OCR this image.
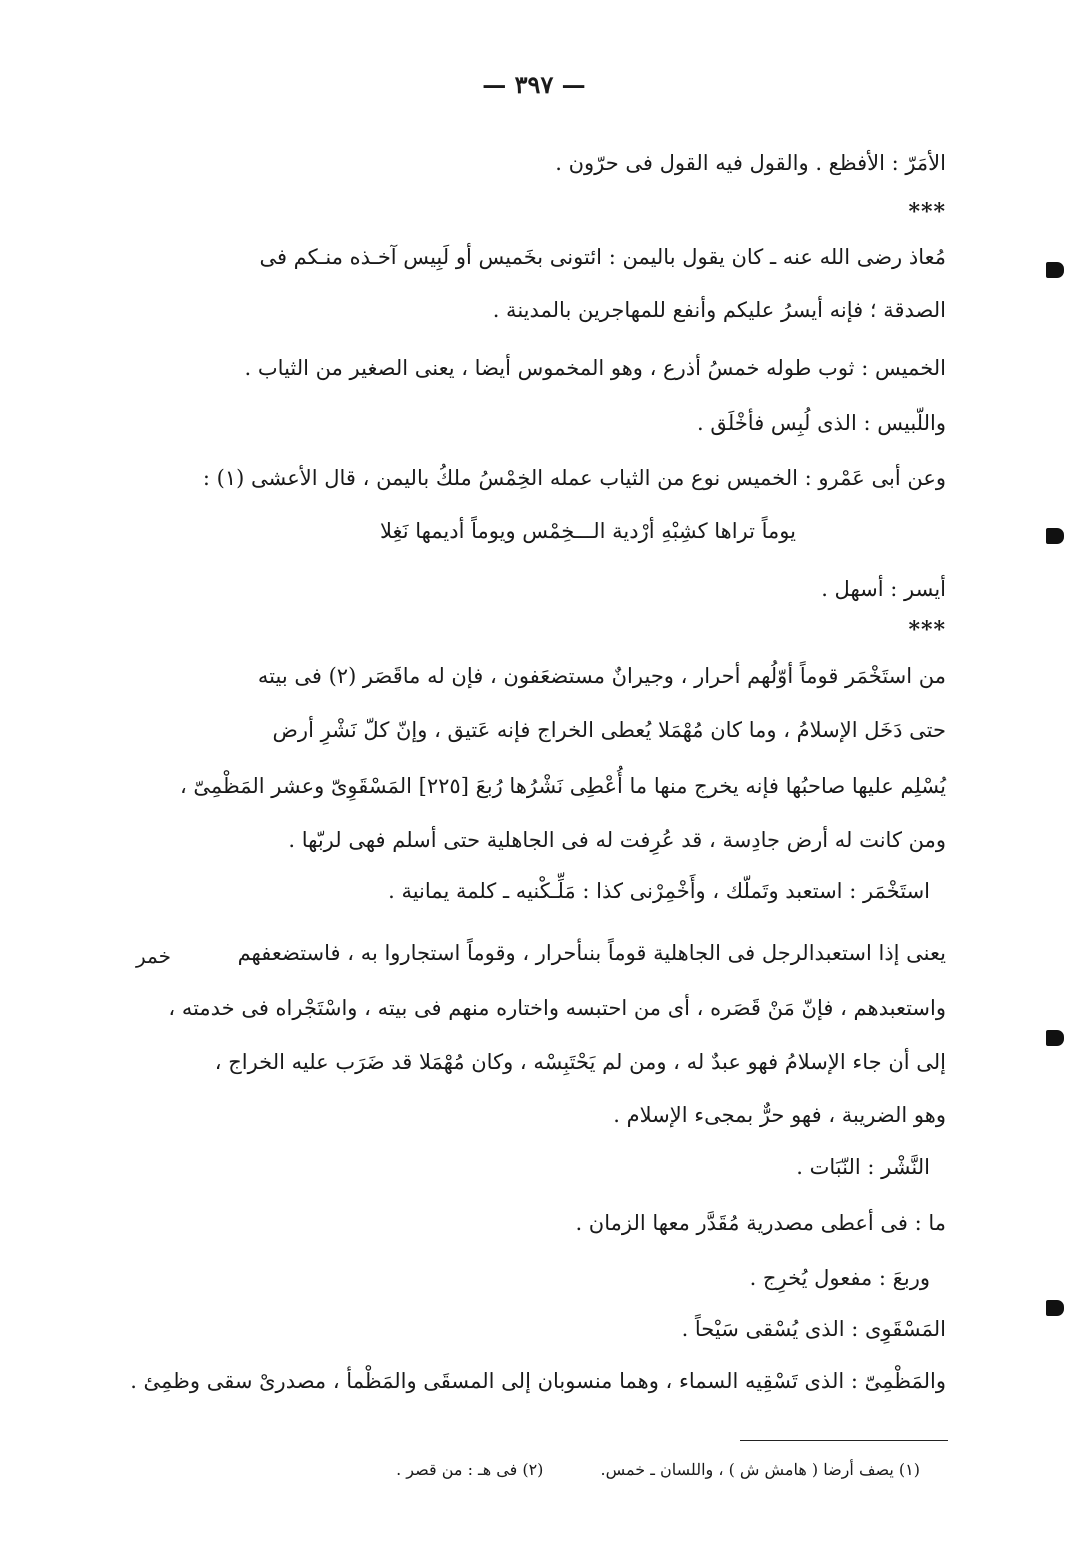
— ٣٩٧ —
الأمَرّ : الأفظع . والقول فيه القول فى حرّون .
***
مُعاذ رضى الله عنه ـ كان يقول باليمن : ائتونى بخَميس أو لَبِيس آخـذه منـكم فى
الصدقة ؛ فإنه أيسرُ عليكم وأنفع للمهاجرين بالمدينة .
الخميس : ثوب طوله خمسُ أذرع ، وهو المخموس أيضا ، يعنى الصغير من الثياب .
واللّبيس : الذى لُبِس فأخْلَق .
وعن أبى عَمْرو : الخميس نوع من الثياب عمله الخِمْسُ ملكُ باليمن ، قال الأعشى (١) :
يوماً تراها كشِبْهِ أرْدية الـــخِمْس ويوماً أديمها نَغِلا
أيسر : أسهل .
***
من استَخْمَر قوماً أوّلُهم أحرار ، وجيرانٌ مستضعَفون ، فإن له ماقَصَر (٢) فى بيته
حتى دَخَل الإسلامُ ، وما كان مُهْمَلا يُعطى الخراج فإنه عَتيق ، وإنّ كلّ نَشْرِ أرض
يُسْلِم عليها صاحبُها فإنه يخرج منها ما أُعْطِى نَشْرُها رُبعَ [٢٢٥] المَسْقَوِىّ وعشر المَظْمِىّ ،
ومن كانت له أرض جادِسة ، قد عُرِفت له فى الجاهلية حتى أسلم فهى لربّها .
استَخْمَر : استعبد وتَملّك ، وأَخْمِرْنى كذا : مَلِّـكْنيه ـ كلمة يمانية .
يعنى إذا استعبدالرجل فى الجاهلية قوماً بنىأحرار ، وقوماً استجاروا به ، فاستضعفهم
واستعبدهم ، فإنّ مَنْ قَصَره ، أى من احتبسه واختاره منهم فى بيته ، واسْتَجْراه فى خدمته ،
إلى أن جاء الإسلامُ فهو عبدٌ له ، ومن لم يَحْتَبِسْه ، وكان مُهْمَلا قد ضَرَب عليه الخراج ،
وهو الضريبة ، فهو حرٌّ بمجىء الإسلام .
النَّشْر : النّبَات .
ما : فى أعطى مصدرية مُقَدَّر معها الزمان .
وربعَ : مفعول يُخرِج .
المَسْقَوِى : الذى يُسْقى سَيْحاً .
والمَظْمِىّ : الذى تَسْقِيه السماء ، وهما منسوبان إلى المسقَى والمَظْمأ ، مصدرىْ سقى وظمِئ .
خمر
(١) يصف أرضا ( هامش ش ) ، واللسان ـ خمس. (٢) فى هـ : من قصر .
